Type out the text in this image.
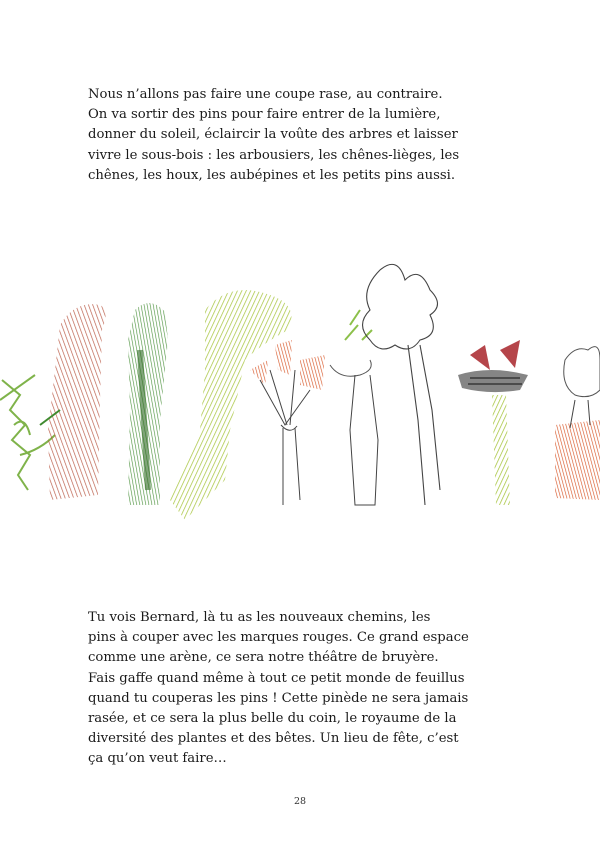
Nous n’allons pas faire une coupe rase, au contraire.
On va sortir des pins pour faire entrer de la lumière,
donner du soleil, éclaircir la voûte des arbres et laisser
vivre le sous-bois : les arbousiers, les chênes-lièges, les
chênes, les houx, les aubépines et les petits pins aussi.

Tu vois Bernard, là tu as les nouveaux chemins, les
pins à couper avec les marques rouges. Ce grand espace
comme une arène, ce sera notre théâtre de bruyère.
Fais gaffe quand même à tout ce petit monde de feuillus
quand tu couperas les pins ! Cette pinède ne sera jamais
rasée, et ce sera la plus belle du coin, le royaume de la
diversité des plantes et des bêtes. Un lieu de fête, c’est
ça qu’on veut faire…

28
